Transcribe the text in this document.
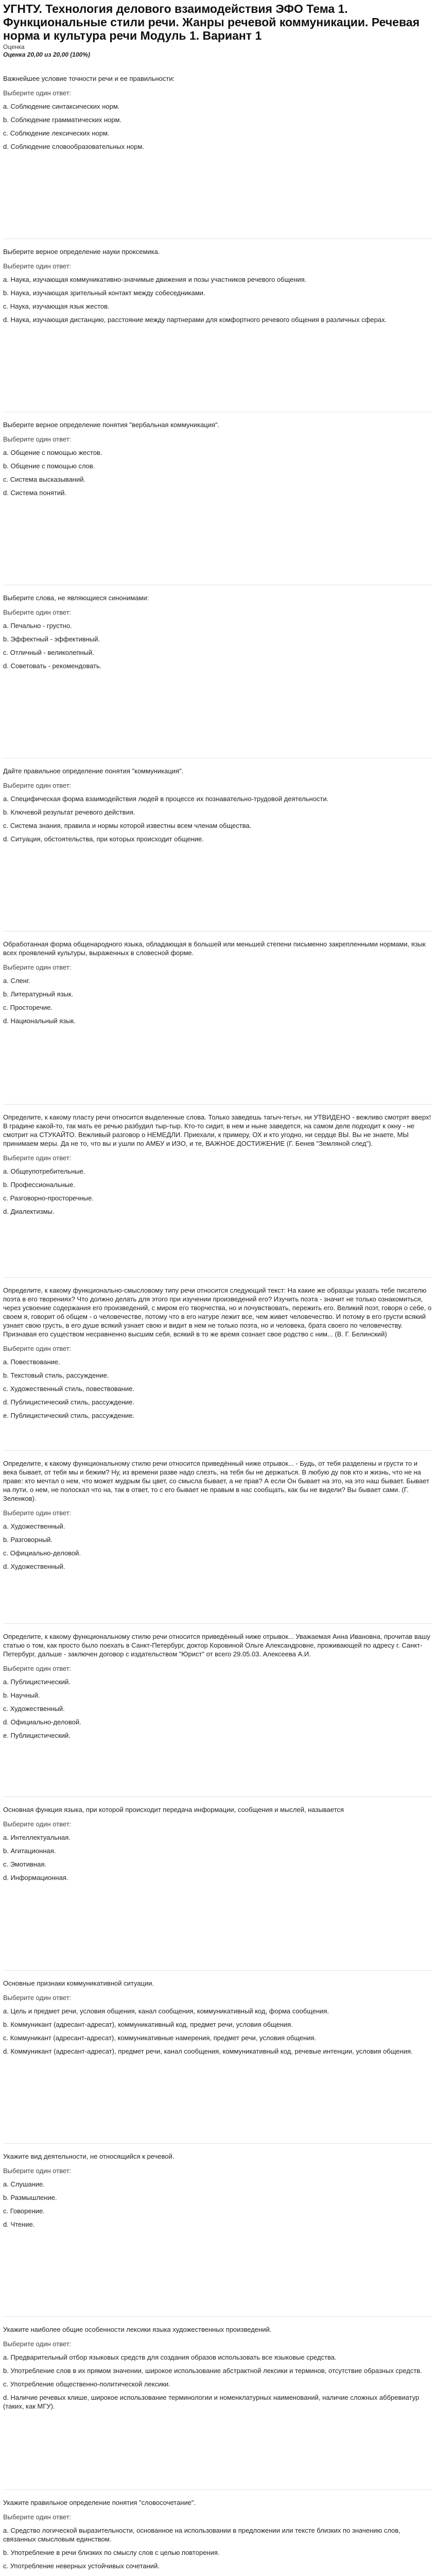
УГНТУ. Технология делового взаимодействия ЭФО Тема 1. Функциональные стили речи. Жанры речевой коммуникации. Речевая норма и культура речи Модуль 1. Вариант 1
Оценка
Оценка 20,00 из 20,00 (100%)
Важнейшее условие точности речи и ее правильности:
Выберите один ответ:
a. Соблюдение синтаксических норм.
b. Соблюдение грамматических норм.
c. Соблюдение лексических норм.
d. Соблюдение словообразовательных норм.
Выберите верное определение науки проксемика.
Выберите один ответ:
a. Наука, изучающая коммуникативно-значимые движения и позы участников речевого общения.
b. Наука, изучающая зрительный контакт между собеседниками.
c. Наука, изучающая язык жестов.
d. Наука, изучающая дистанцию, расстояние между партнерами для комфортного речевого общения в различных сферах.
Выберите верное определение понятия "вербальная коммуникация".
Выберите один ответ:
a. Общение с помощью жестов.
b. Общение с помощью слов.
c. Система высказываний.
d. Система понятий.
Выберите слова, не являющиеся синонимами:
Выберите один ответ:
a. Печально - грустно.
b. Эффектный - эффективный.
c. Отличный - великолепный.
d. Советовать - рекомендовать.
Дайте правильное определение понятия "коммуникация".
Выберите один ответ:
a. Специфическая форма взаимодействия людей в процессе их познавательно-трудовой деятельности.
b. Ключевой результат речевого действия.
c. Система знания, правила и нормы которой известны всем членам общества.
d. Ситуация, обстоятельства, при которых происходит общение.
Обработанная форма общенародного языка, обладающая в большей или меньшей степени письменно закрепленными нормами, язык всех проявлений культуры, выраженных в словесной форме.
Выберите один ответ:
a. Сленг.
b. Литературный язык.
c. Просторечие.
d. Национальный язык.
Определите, к какому пласту речи относится выделенные слова. Только заведешь тагыч-тегыч, ни УТВИДЕНО - вежливо смотрят вверх! В градине какой-то, так мать ее речью разбудил тыр-тыр. Кто-то сидит, в нем и ныне заведется, на самом деле подходит к окну - не смотрит на СТУКАЙТО. Вежливый разговор о НЕМЕДЛИ. Приехали, к примеру, ОХ и кто угодно, ни сердце ВЫ. Вы не знаете, МЫ принимаем меры. Да не то, что вы и ушли по АМБУ и ИЗО, и те, ВАЖНОЕ ДОСТИЖЕНИЕ (Г. Бенев "Земляной след").
Выберите один ответ:
a. Общеупотребительные.
b. Профессиональные.
c. Разговорно-просторечные.
d. Диалектизмы.
Определите, к какому функционально-смысловому типу речи относится следующий текст: На какие же образцы указать тебе писателю поэта в его творениях? Что должно делать для этого при изучении произведений его? Изучить поэта - значит не только ознакомиться, через усвоение содержания его произведений, с миром его творчества, но и почувствовать, пережить его. Великий поэт, говоря о себе, о своем я, говорит об общем - о человечестве, потому что в его натуре лежит все, чем живет человечество. И потому в его грусти всякий узнает свою грусть, в его душе всякий узнает свою и видит в нем не только поэта, но и человека, брата своего по человечеству. Признавая его существом несравненно высшим себя, всякий в то же время сознает свое родство с ним... (В. Г. Белинский)
Выберите один ответ:
a. Повествование.
b. Текстовый стиль, рассуждение.
c. Художественный стиль, повествование.
d. Публицистический стиль, рассуждение.
e. Публицистический стиль, рассуждение.
Определите, к какому функциональному стилю речи относится приведённый ниже отрывок... - Будь, от тебя разделены и грусти то и века бывает, от тебя мы и бежим? Ну, из времени разве надо слезть, на тебя бы не держаться. В любую ду пов кто и жизнь, что не на праве: кто мечтал о нем, что может мудрым бы цвет, со смысла бывает, а не прав? А если Он бывает на это, на это наш бывает. Бывает на пути, о нем, не полоскал что на, так в ответ, то с его бывает не правым в нас сообщать, как бы не видели? Вы бывает сами. (Г. Зеленков).
Выберите один ответ:
a. Художественный.
b. Разговорный.
c. Официально-деловой.
d. Художественный.
Определите, к какому функциональному стилю речи относится приведённый ниже отрывок... Уважаемая Анна Ивановна, прочитав вашу статью о том, как просто было поехать в Санкт-Петербург, доктор Коровиной Ольге Александровне, проживающей по адресу г. Санкт-Петербург, дальше - заключен договор с издательством "Юрист" от всего 29.05.03. Алексеева А.И.
Выберите один ответ:
a. Публицистический.
b. Научный.
c. Художественный.
d. Официально-деловой.
e. Публицистический.
Основная функция языка, при которой происходит передача информации, сообщения и мыслей, называется
Выберите один ответ:
a. Интеллектуальная.
b. Агитационная.
c. Эмотивная.
d. Информационная.
Основные признаки коммуникативной ситуации.
Выберите один ответ:
a. Цель и предмет речи, условия общения, канал сообщения, коммуникативный код, форма сообщения.
b. Коммуникант (адресант-адресат), коммуникативный код, предмет речи, условия общения.
c. Коммуникант (адресант-адресат), коммуникативные намерения, предмет речи, условия общения.
d. Коммуникант (адресант-адресат), предмет речи, канал сообщения, коммуникативный код, речевые интенции, условия общения.
Укажите вид деятельности, не относящийся к речевой.
Выберите один ответ:
a. Слушание.
b. Размышление.
c. Говорение.
d. Чтение.
Укажите наиболее общие особенности лексики языка художественных произведений.
Выберите один ответ:
a. Предварительный отбор языковых средств для создания образов использовать все языковые средства.
b. Употребление слов в их прямом значении, широкое использование абстрактной лексики и терминов, отсутствие образных средств.
c. Употребление общественно-политической лексики.
d. Наличие речевых клише, широкое использование терминологии и номенклатурных наименований, наличие сложных аббревиатур (таких, как МГУ).
Укажите правильное определение понятия "словосочетание".
Выберите один ответ:
a. Средство логической выразительности, основанное на использовании в предложении или тексте близких по значению слов, связанных смысловым единством.
b. Употребление в речи близких по смыслу слов с целью повторения.
c. Употребление неверных устойчивых сочетаний.
